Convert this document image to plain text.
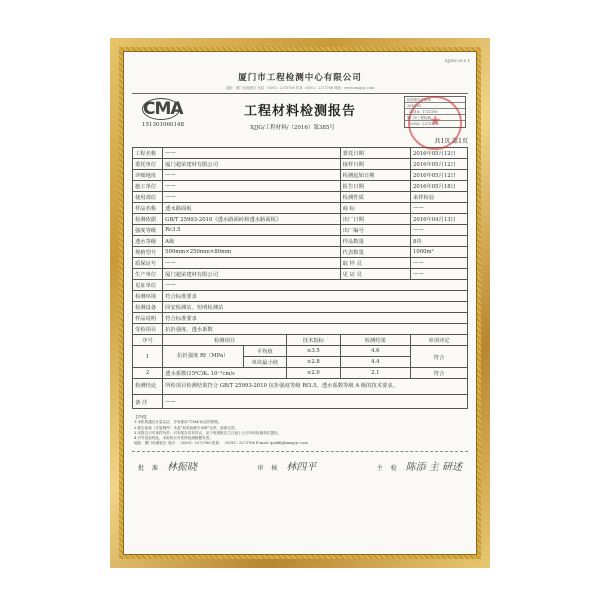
XJJ96-20 0 1
厦门市工程检测中心有限公司
地址：厦门市湖里区 电话（0592）2273766 传真（0592）2273766 网址：www.xmgcjc.com
CMA
151301060148
工程材料检测报告
XJJG/工程材料/（2016）第385号
检验报告专用章
2016-05
（2016）1721190
厦门市工程检测
（0592）2273766
★
共1页 第1页
工程名称	——			委托日期	2016年05月12日
委托单位	厦门超荣建材有限公司			接样日期	2016年05月12日
详细地址	——			检测起始日期	2016年05月12日
施工单位	——			报告日期	2016年05月18日
使用部位	——			检测性质	来样检验
样品名称	透水路面板			商 标	——
检测依据	GB/T 25993-2010《透水路面砖和透水路面板》			出厂日期	2016年04月13日
强度等级	Rc3.5			出厂编号	——
透水等级	A级			样品数量	8块
规格型号	500mm×250mm×80mm			代表数量	1000m²
质保证号	——			取 样 员	——
生产单位	厦门超荣建材有限公司			见 证 员	——
见证单位	——				
检测环境	符合标准要求				
检测设备	回安检测站、恒明检测站				
样品说明	符合标准要求				
受检项目	抗折强度、透水系数				
序号	检测项目		技术指标	检测结果	单项评定
1	抗折强度 Rf（MPa）	平均值	≥3.5	4.6	符合
		单块最小值	≥2.8	4.4	
2	透水系数(15℃)Kᵥ 10⁻²cm/s		≥2.0	2.1	符合
检测结论	所检项目检测结果符合 GB/T 25993-2010 抗折强度等级 Rf3.5、透水系数等级 A 级的技术要求。				
备 注	——				
【声明】
1.本机构通过计量认证，享有使用“CMA”标志的资格。
2.报告涂改（含复制件）未盖“检验检测专用章”无效，涂改无效。
3.本报告只对来样负责；对本报告若有异议，应于收到报告之日起十五日内向检测单位提出。
4.对外送检样品，本机构仅对来样检测数据负责。
地址：厦门市湖里区 电话：（0592）2273766 传真：（0592）2273766 E-mail: qualify@xmgcjc.com
批 准 林振晓	审 核 林四平	主 检 陈添 主 研述
